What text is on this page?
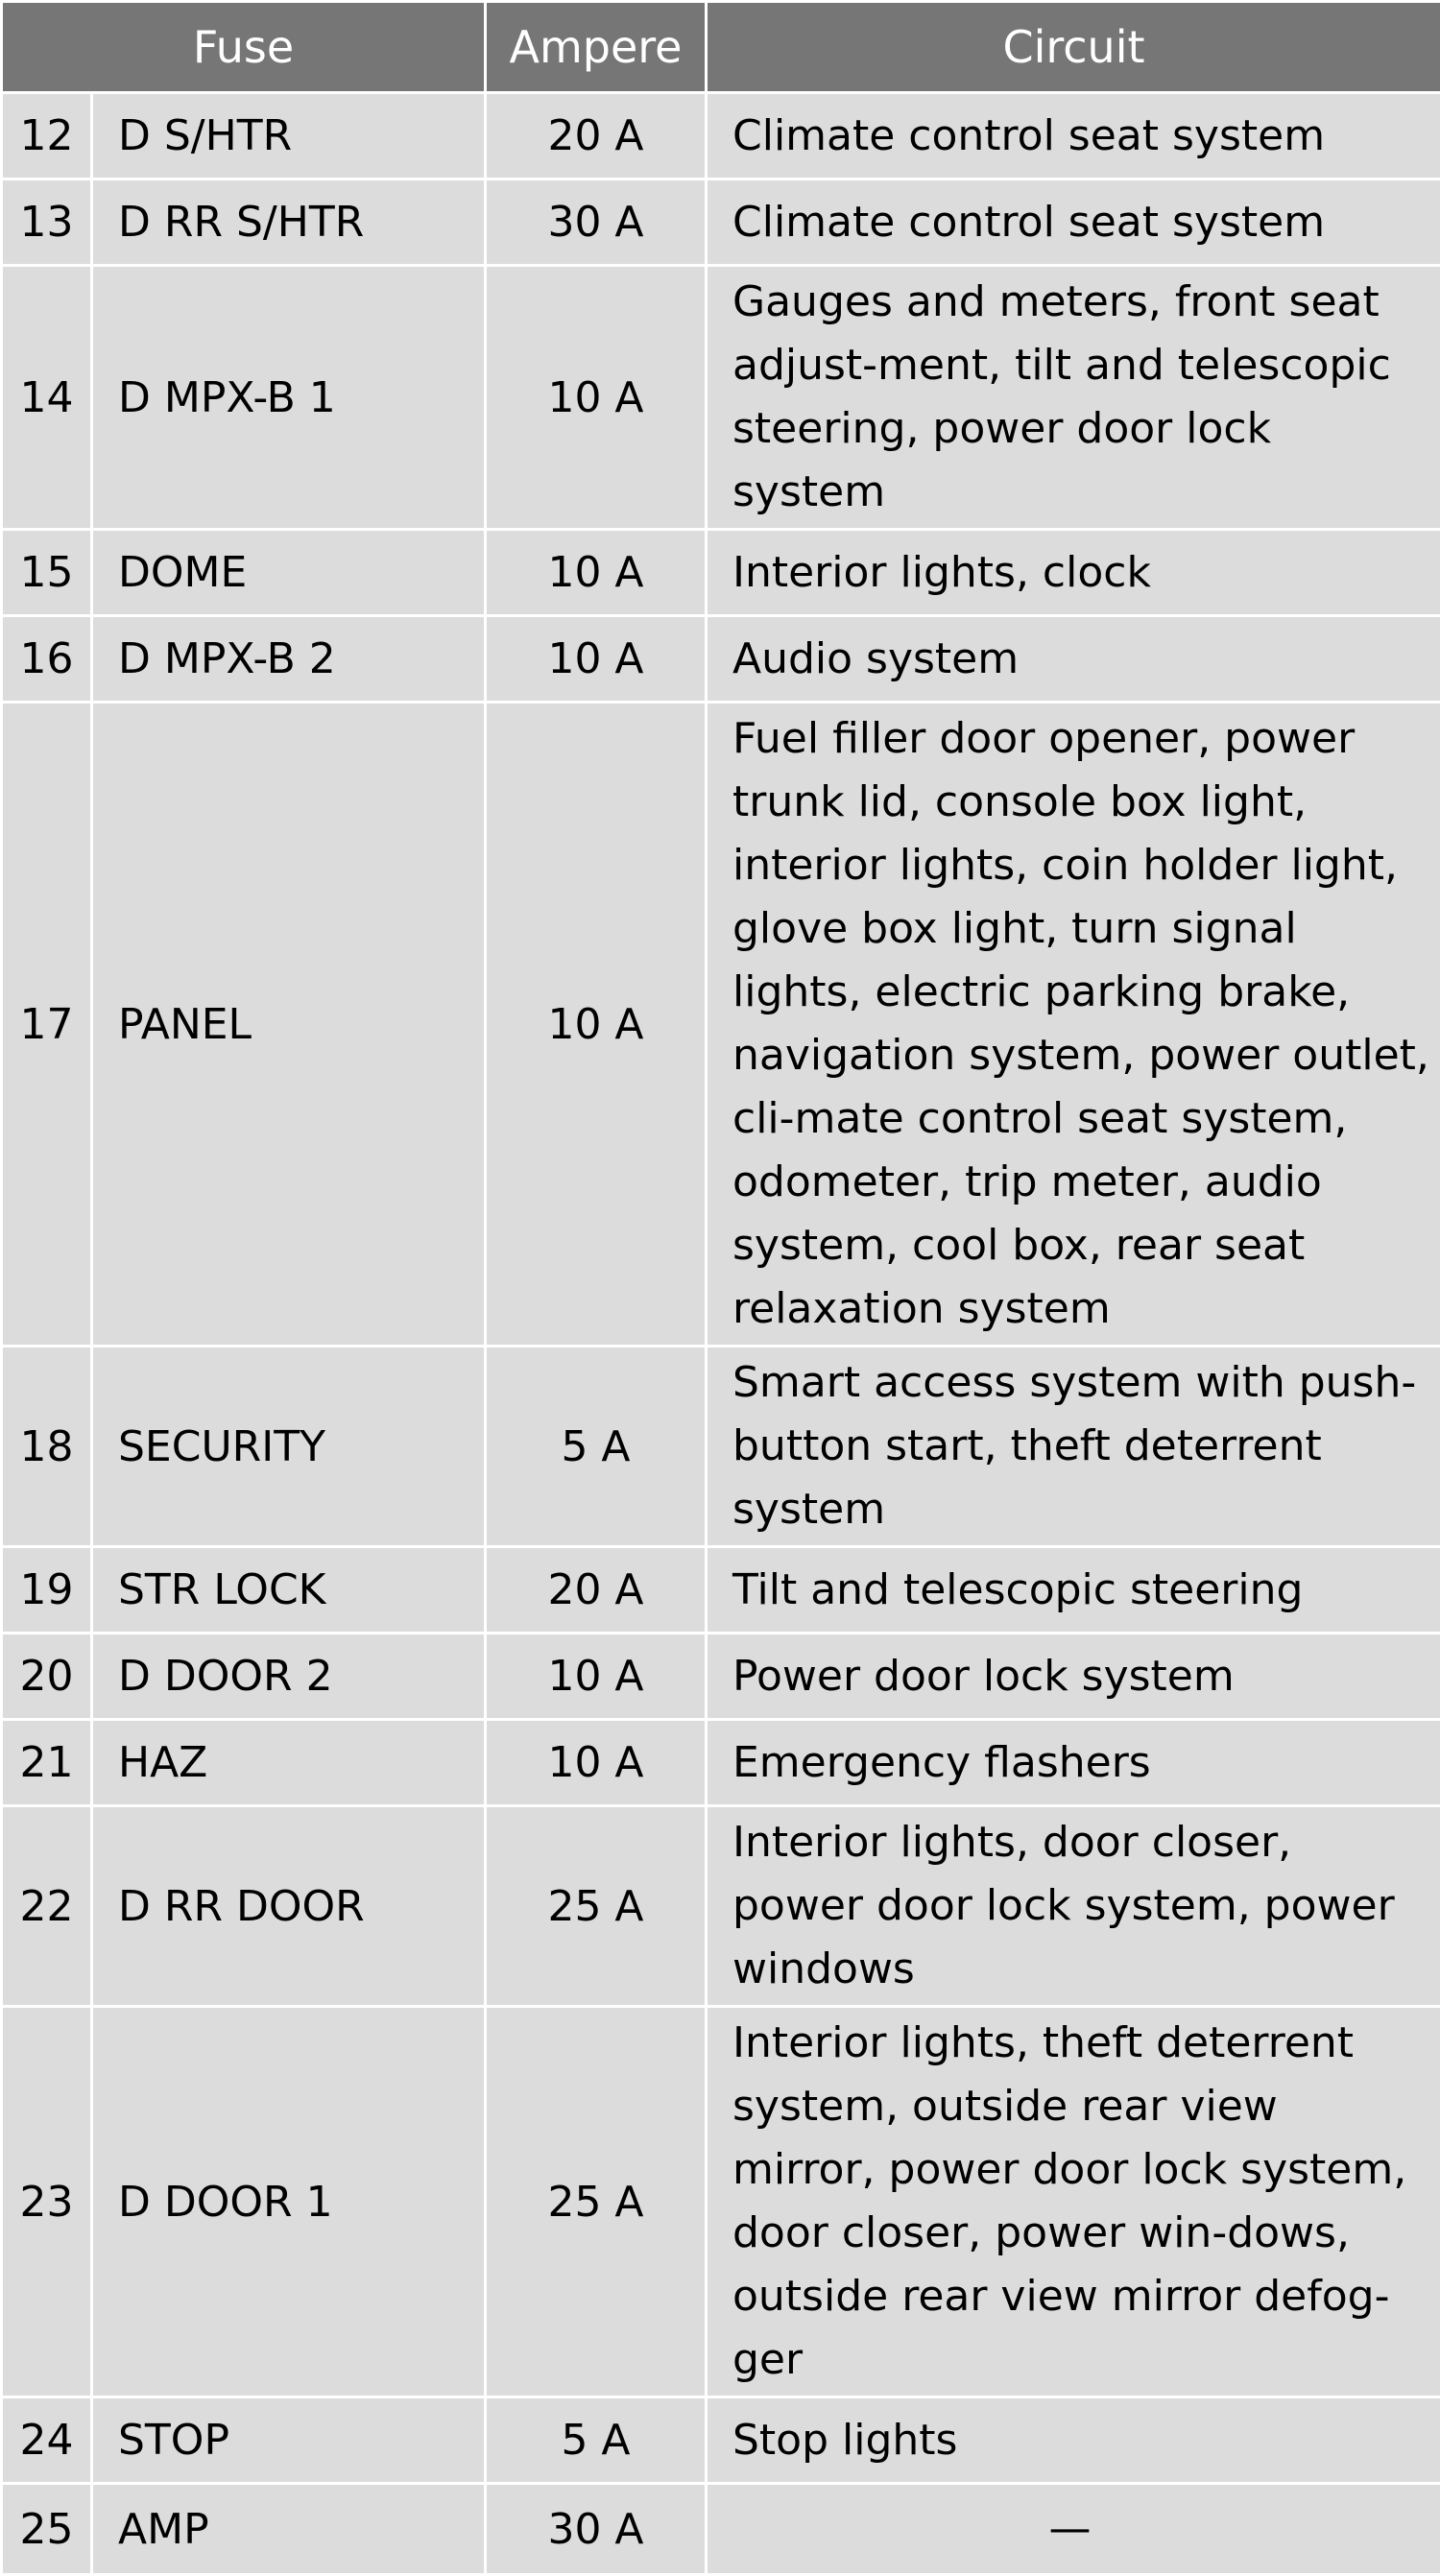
Fuse		Ampere	Circuit
12	D S/HTR	20 A	Climate control seat system
13	D RR S/HTR	30 A	Climate control seat system
14	D MPX-B 1	10 A	Gauges and meters, front seat adjust-ment, tilt and telescopic steering, power door lock system
15	DOME	10 A	Interior lights, clock
16	D MPX-B 2	10 A	Audio system
17	PANEL	10 A	Fuel filler door opener, power trunk lid, console box light, interior lights, coin holder light, glove box light, turn signal lights, electric parking brake, navigation system, power outlet, cli-mate control seat system, odometer, trip meter, audio system, cool box, rear seat relaxation system
18	SECURITY	5 A	Smart access system with push-button start, theft deterrent system
19	STR LOCK	20 A	Tilt and telescopic steering
20	D DOOR 2	10 A	Power door lock system
21	HAZ	10 A	Emergency flashers
22	D RR DOOR	25 A	Interior lights, door closer, power door lock system, power windows
23	D DOOR 1	25 A	Interior lights, theft deterrent system, outside rear view mirror, power door lock system, door closer, power win-dows, outside rear view mirror defog-ger
24	STOP	5 A	Stop lights
25	AMP	30 A	—
